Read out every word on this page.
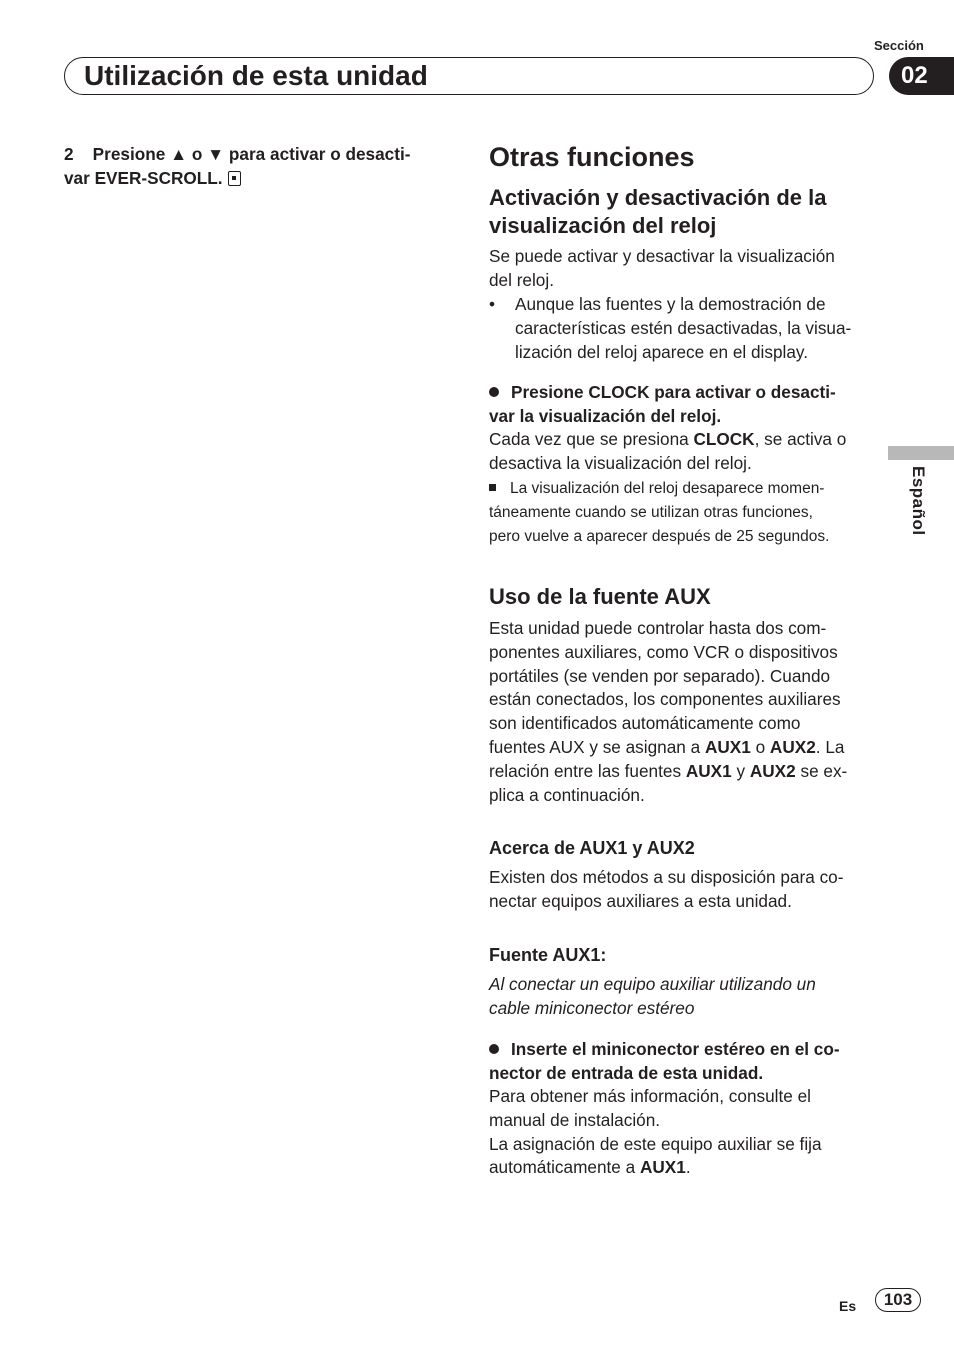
Sección
Utilización de esta unidad	02
Español
2 Presione ▲ o ▼ para activar o desacti-
var EVER-SCROLL.
Otras funciones
Activación y desactivación de la
visualización del reloj
Se puede activar y desactivar la visualización
del reloj.
• Aunque las fuentes y la demostración de
características estén desactivadas, la visua-
lización del reloj aparece en el display.
Presione CLOCK para activar o desacti-
var la visualización del reloj.
Cada vez que se presiona CLOCK, se activa o
desactiva la visualización del reloj.
La visualización del reloj desaparece momen-
táneamente cuando se utilizan otras funciones,
pero vuelve a aparecer después de 25 segundos.
Uso de la fuente AUX
Esta unidad puede controlar hasta dos com-
ponentes auxiliares, como VCR o dispositivos
portátiles (se venden por separado). Cuando
están conectados, los componentes auxiliares
son identificados automáticamente como
fuentes AUX y se asignan a AUX1 o AUX2. La
relación entre las fuentes AUX1 y AUX2 se ex-
plica a continuación.
Acerca de AUX1 y AUX2
Existen dos métodos a su disposición para co-
nectar equipos auxiliares a esta unidad.
Fuente AUX1:
Al conectar un equipo auxiliar utilizando un
cable miniconector estéreo
Inserte el miniconector estéreo en el co-
nector de entrada de esta unidad.
Para obtener más información, consulte el
manual de instalación.
La asignación de este equipo auxiliar se fija
automáticamente a AUX1.
Es	103
